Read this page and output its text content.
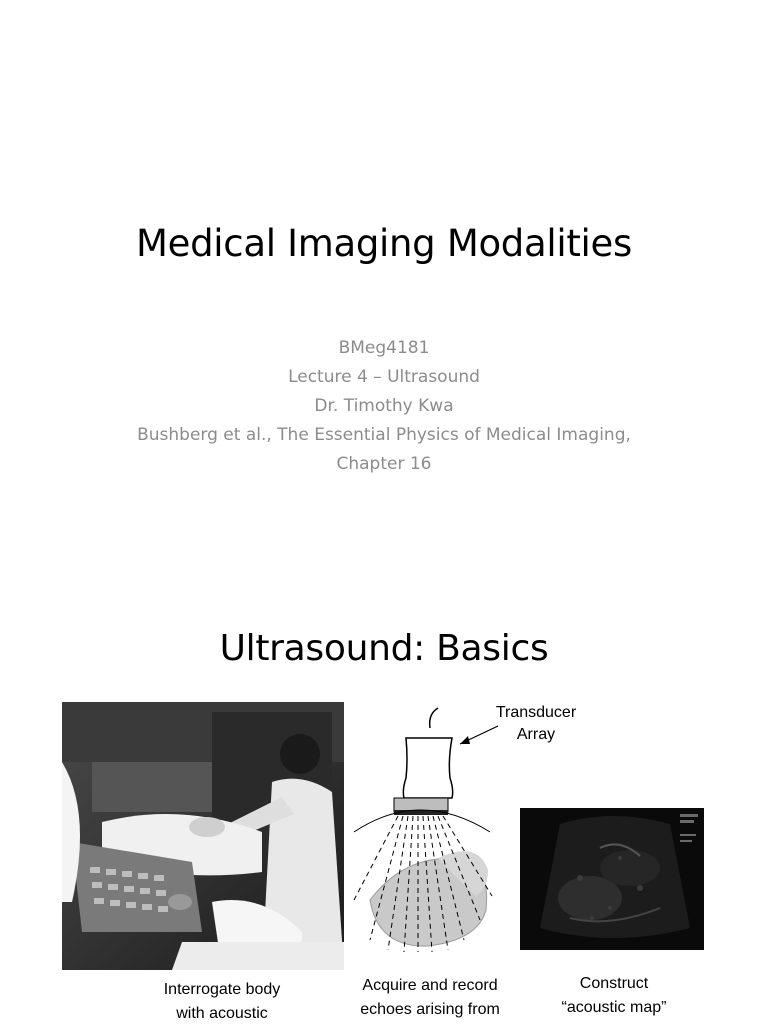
Medical Imaging Modalities
BMeg4181
Lecture 4 – Ultrasound
Dr. Timothy Kwa
Bushberg et al., The Essential Physics of Medical Imaging,
Chapter 16
Ultrasound: Basics
Transducer
Array
Interrogate body
with acoustic
Acquire and record
echoes arising from
Construct
“acoustic map”
